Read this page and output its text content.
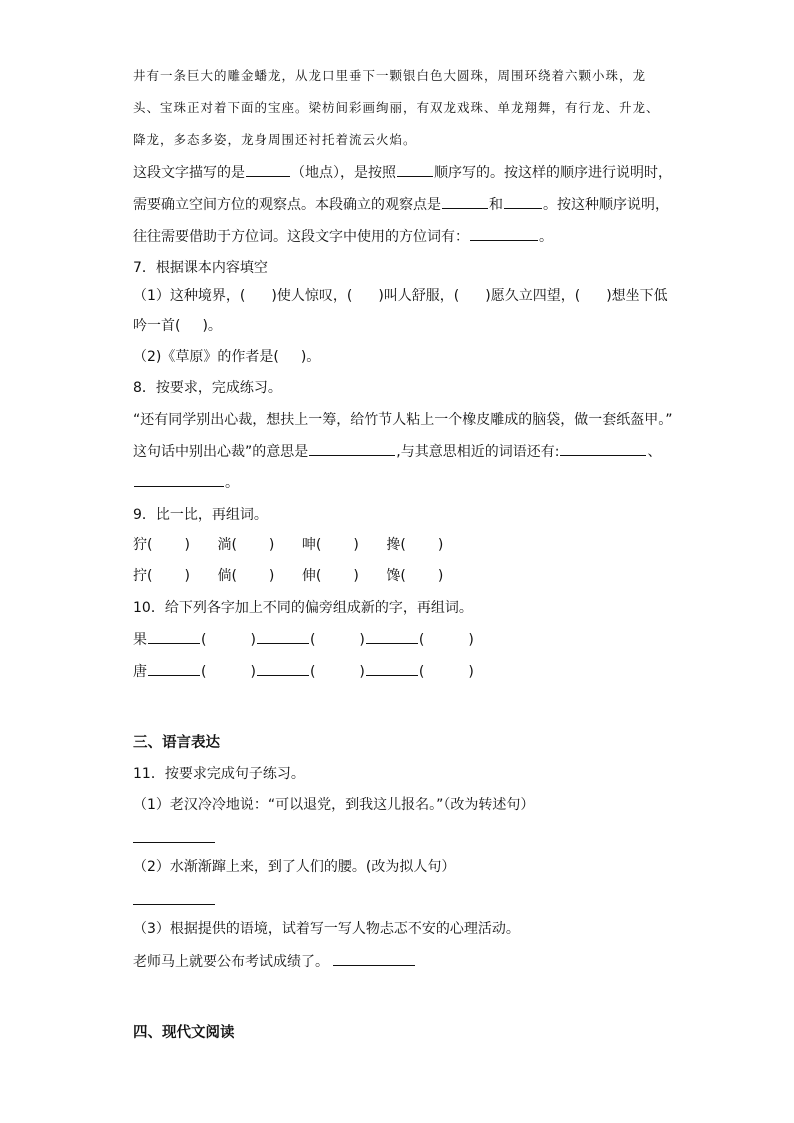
井有一条巨大的雕金蟠龙，从龙口里垂下一颗银白色大圆珠，周围环绕着六颗小珠，龙
头、宝珠正对着下面的宝座。梁枋间彩画绚丽，有双龙戏珠、单龙翔舞，有行龙、升龙、
降龙，多态多姿，龙身周围还衬托着流云火焰。
这段文字描写的是	（地点），是按照	顺序写的。按这样的顺序进行说明时，
需要确立空间方位的观察点。本段确立的观察点是	和	。按这种顺序说明，
往往需要借助于方位词。这段文字中使用的方位词有：	。
7．根据课本内容填空
（1）这种境界，( )使人惊叹，( )叫人舒服，( )愿久立四望，( )想坐下低
吟一首( )。
（2)《草原》的作者是( )。
8．按要求，完成练习。
“还有同学别出心裁，想扶上一筹，给竹节人粘上一个橡皮雕成的脑袋，做一套纸盔甲。”
这句话中别出心裁”的意思是	,与其意思相近的词语还有:	、
。
9．比一比，再组词。
狞( ) 淌( ) 呻( ) 搀( )
拧( ) 倘( ) 伸( ) 馋( )
10．给下列各字加上不同的偏旁组成新的字，再组词。
果	(	)	(	)	(	)
唐	(	)	(	)	(	)
三、语言表达
11．按要求完成句子练习。
（1）老汉冷冷地说：“可以退党，到我这儿报名。”（改为转述句）
（2）水渐渐蹿上来，到了人们的腰。(改为拟人句）
（3）根据提供的语境，试着写一写人物忐忑不安的心理活动。
老师马上就要公布考试成绩了。
四、现代文阅读
